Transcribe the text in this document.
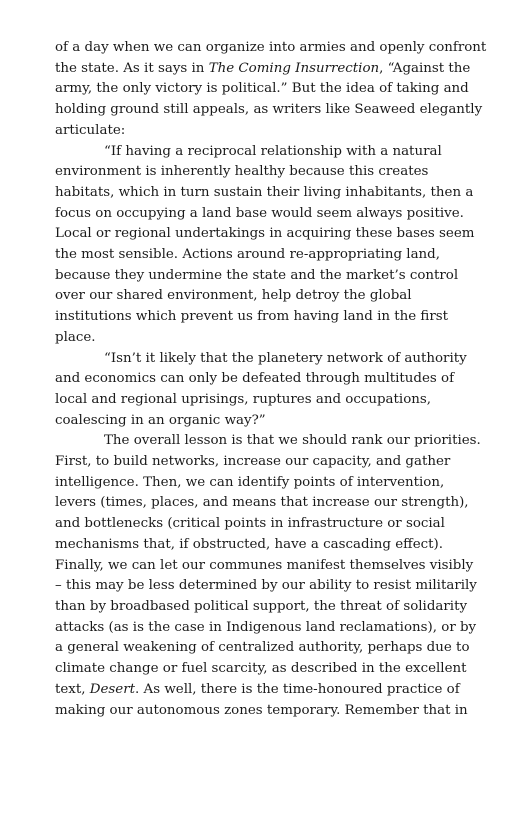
of a day when we can organize into armies and openly confront
the state. As it says in The Coming Insurrection, “Against the
army, the only victory is political.” But the idea of taking and
holding ground still appeals, as writers like Seaweed elegantly
articulate:
“If having a reciprocal relationship with a natural
environment is inherently healthy because this creates
habitats, which in turn sustain their living inhabitants, then a
focus on occupying a land base would seem always positive.
Local or regional undertakings in acquiring these bases seem
the most sensible. Actions around re-appropriating land,
because they undermine the state and the market’s control
over our shared environment, help detroy the global
institutions which prevent us from having land in the first
place.
“Isn’t it likely that the planetery network of authority
and economics can only be defeated through multitudes of
local and regional uprisings, ruptures and occupations,
coalescing in an organic way?”
The overall lesson is that we should rank our priorities.
First, to build networks, increase our capacity, and gather
intelligence. Then, we can identify points of intervention,
levers (times, places, and means that increase our strength),
and bottlenecks (critical points in infrastructure or social
mechanisms that, if obstructed, have a cascading effect).
Finally, we can let our communes manifest themselves visibly
– this may be less determined by our ability to resist militarily
than by broadbased political support, the threat of solidarity
attacks (as is the case in Indigenous land reclamations), or by
a general weakening of centralized authority, perhaps due to
climate change or fuel scarcity, as described in the excellent
text, Desert. As well, there is the time-honoured practice of
making our autonomous zones temporary. Remember that in
